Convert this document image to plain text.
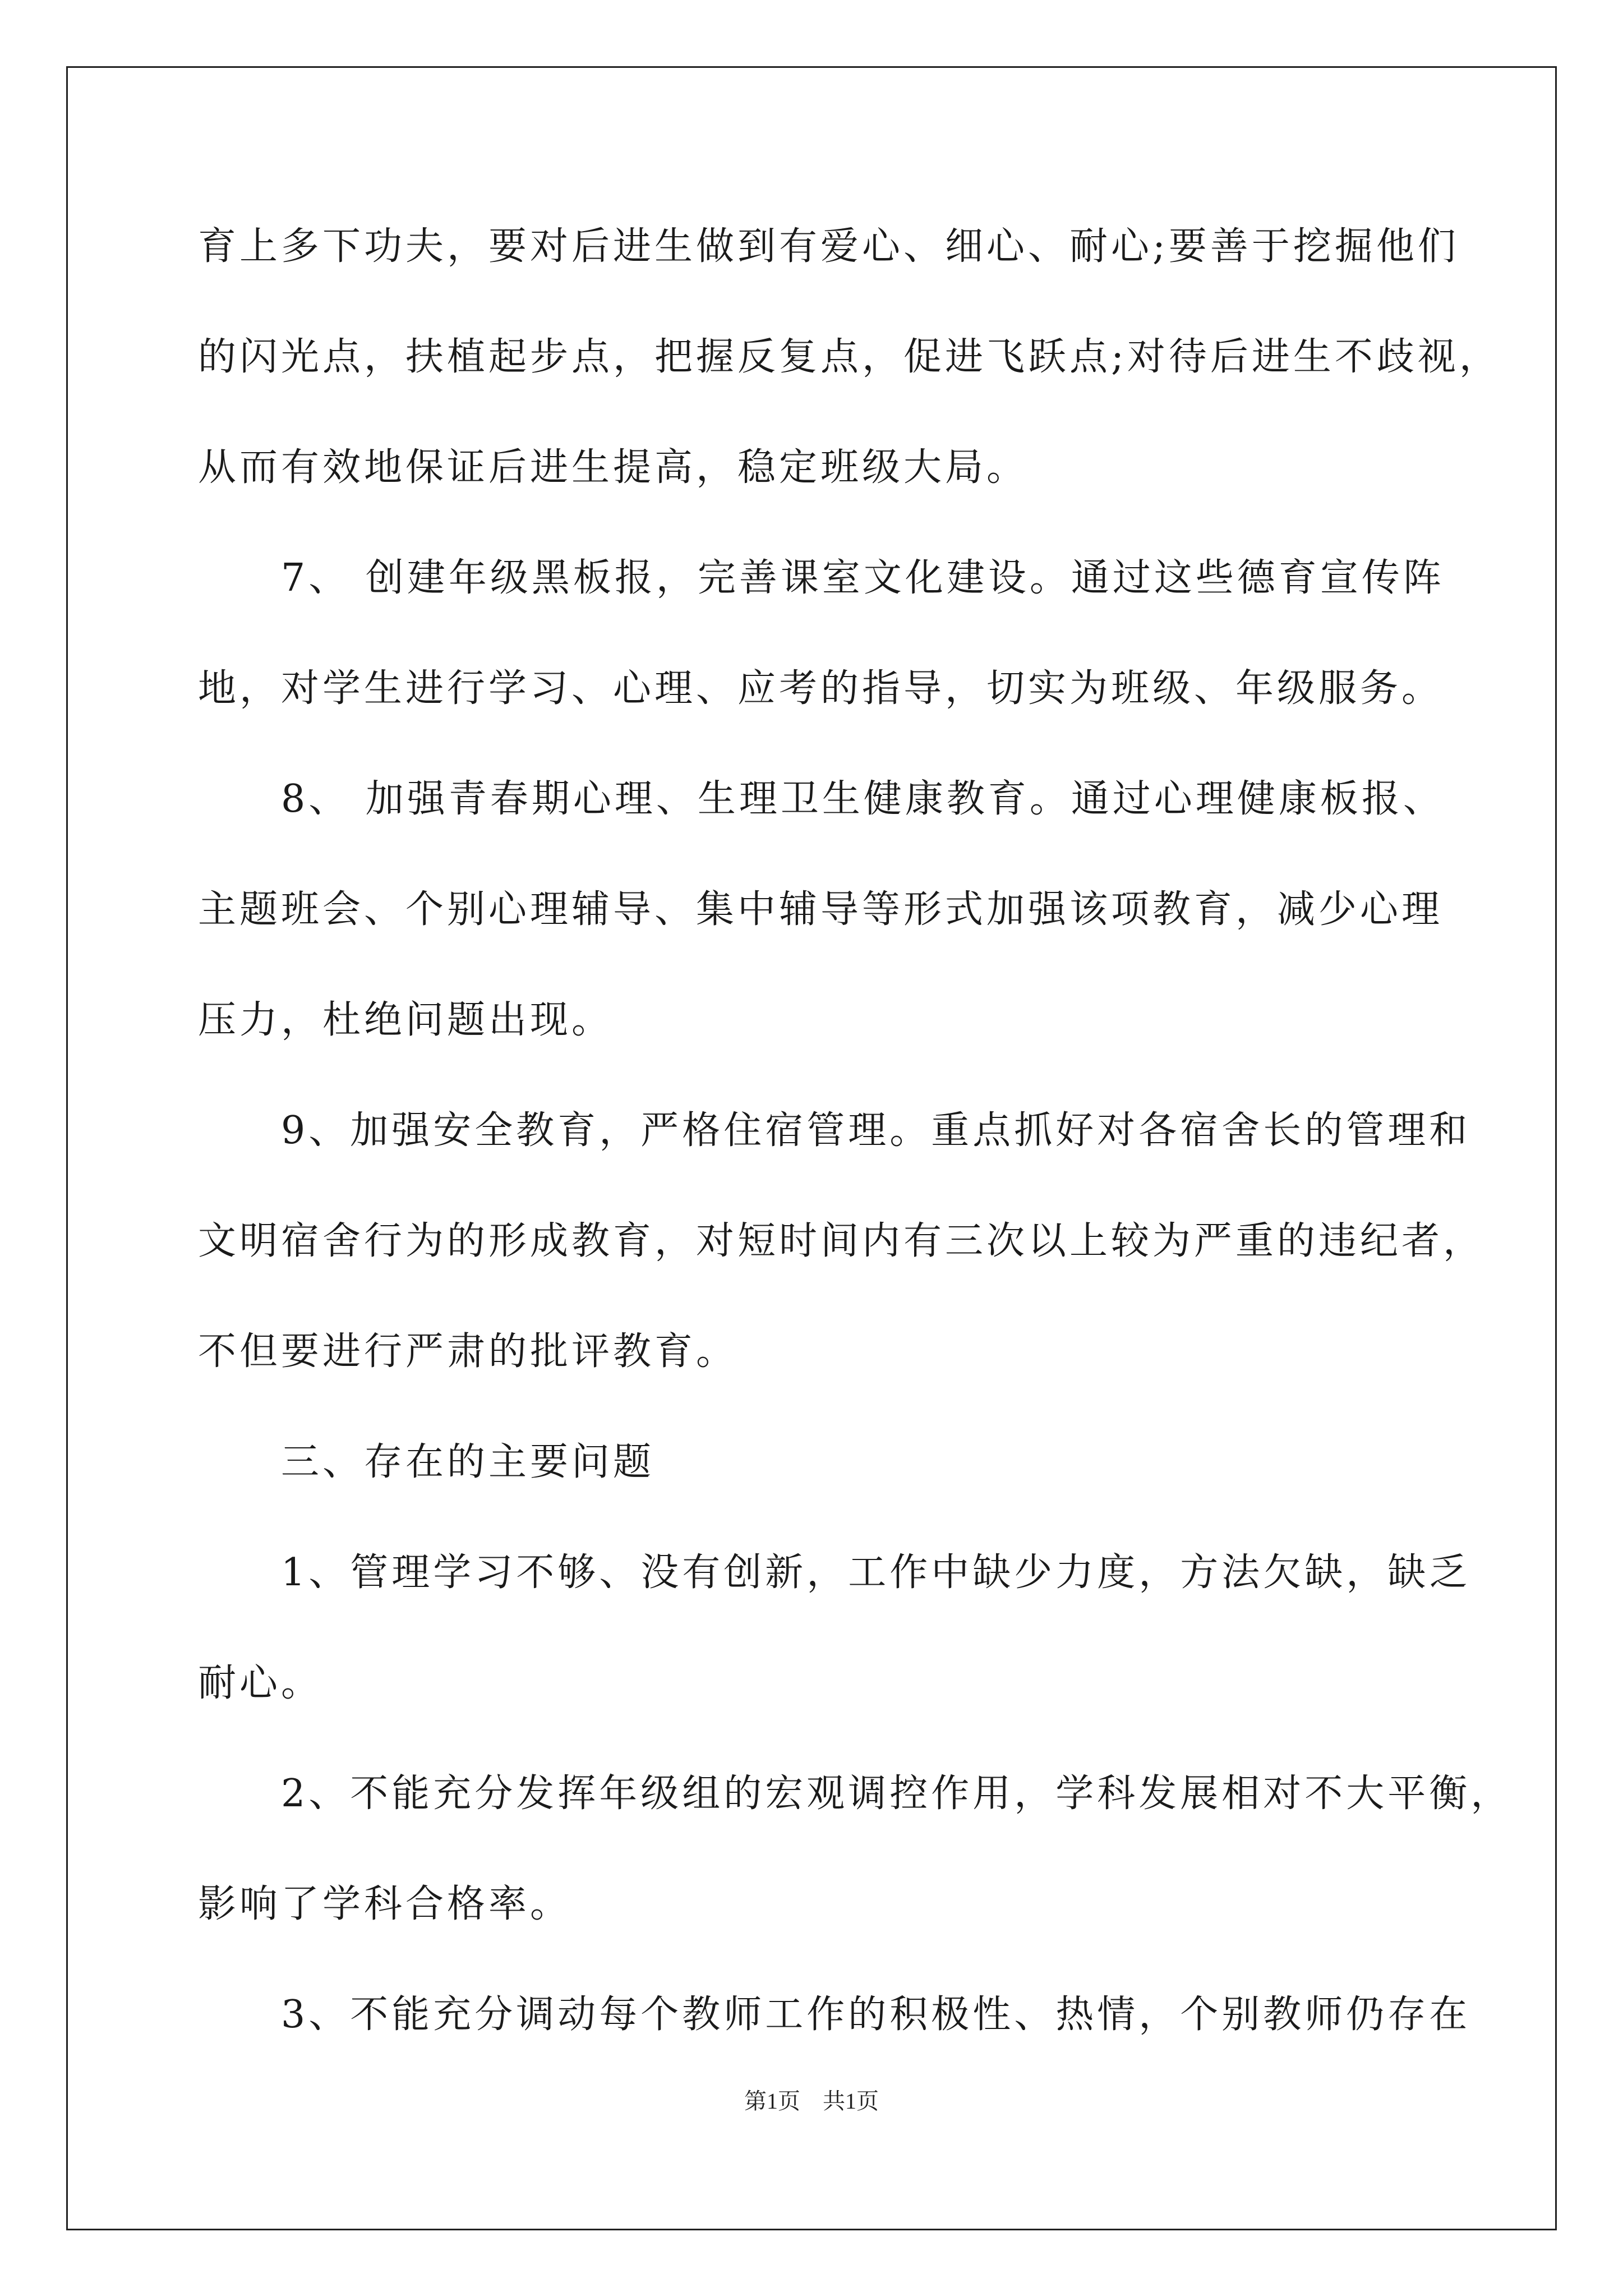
育上多下功夫，要对后进生做到有爱心、细心、耐心;要善于挖掘他们
的闪光点，扶植起步点，把握反复点，促进飞跃点;对待后进生不歧视，
从而有效地保证后进生提高，稳定班级大局。
　　7、 创建年级黑板报，完善课室文化建设。通过这些德育宣传阵
地，对学生进行学习、心理、应考的指导，切实为班级、年级服务。
　　8、 加强青春期心理、生理卫生健康教育。通过心理健康板报、
主题班会、个别心理辅导、集中辅导等形式加强该项教育，减少心理
压力，杜绝问题出现。
　　9、加强安全教育，严格住宿管理。重点抓好对各宿舍长的管理和
文明宿舍行为的形成教育，对短时间内有三次以上较为严重的违纪者，
不但要进行严肃的批评教育。
　　三、存在的主要问题
　　1、管理学习不够、没有创新，工作中缺少力度，方法欠缺，缺乏
耐心。
　　2、不能充分发挥年级组的宏观调控作用，学科发展相对不大平衡，
影响了学科合格率。
　　3、不能充分调动每个教师工作的积极性、热情，个别教师仍存在
第1页　共1页
